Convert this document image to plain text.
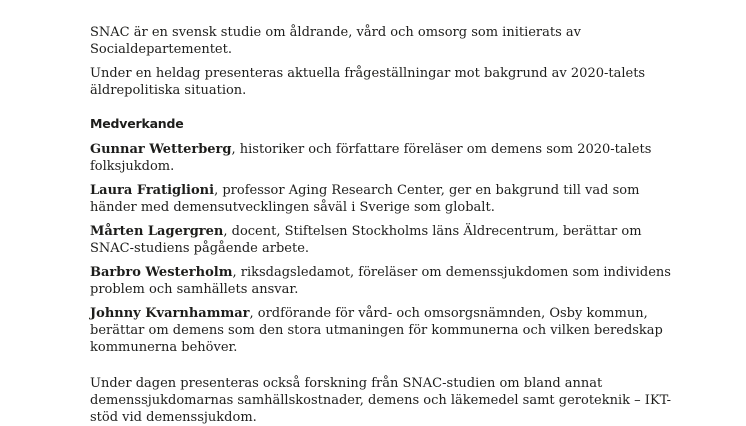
SNAC är en svensk studie om åldrande, vård och omsorg som initierats av Socialdepartementet.

Under en heldag presenteras aktuella frågeställningar mot bakgrund av 2020-talets äldrepolitiska situation.

Medverkande

Gunnar Wetterberg, historiker och författare föreläser om demens som 2020-talets folksjukdom.

Laura Fratiglioni, professor Aging Research Center, ger en bakgrund till vad som händer med demensutvecklingen såväl i Sverige som globalt.

Mårten Lagergren, docent, Stiftelsen Stockholms läns Äldrecentrum, berättar om SNAC-studiens pågående arbete.

Barbro Westerholm, riksdagsledamot, föreläser om demenssjukdomen som individens problem och samhällets ansvar.

Johnny Kvarnhammar, ordförande för vård- och omsorgsnämnden, Osby kommun, berättar om demens som den stora utmaningen för kommunerna och vilken beredskap kommunerna behöver.

Under dagen presenteras också forskning från SNAC-studien om bland annat demenssjukdomarnas samhällskostnader, demens och läkemedel samt geroteknik – IKT-stöd vid demenssjukdom.
